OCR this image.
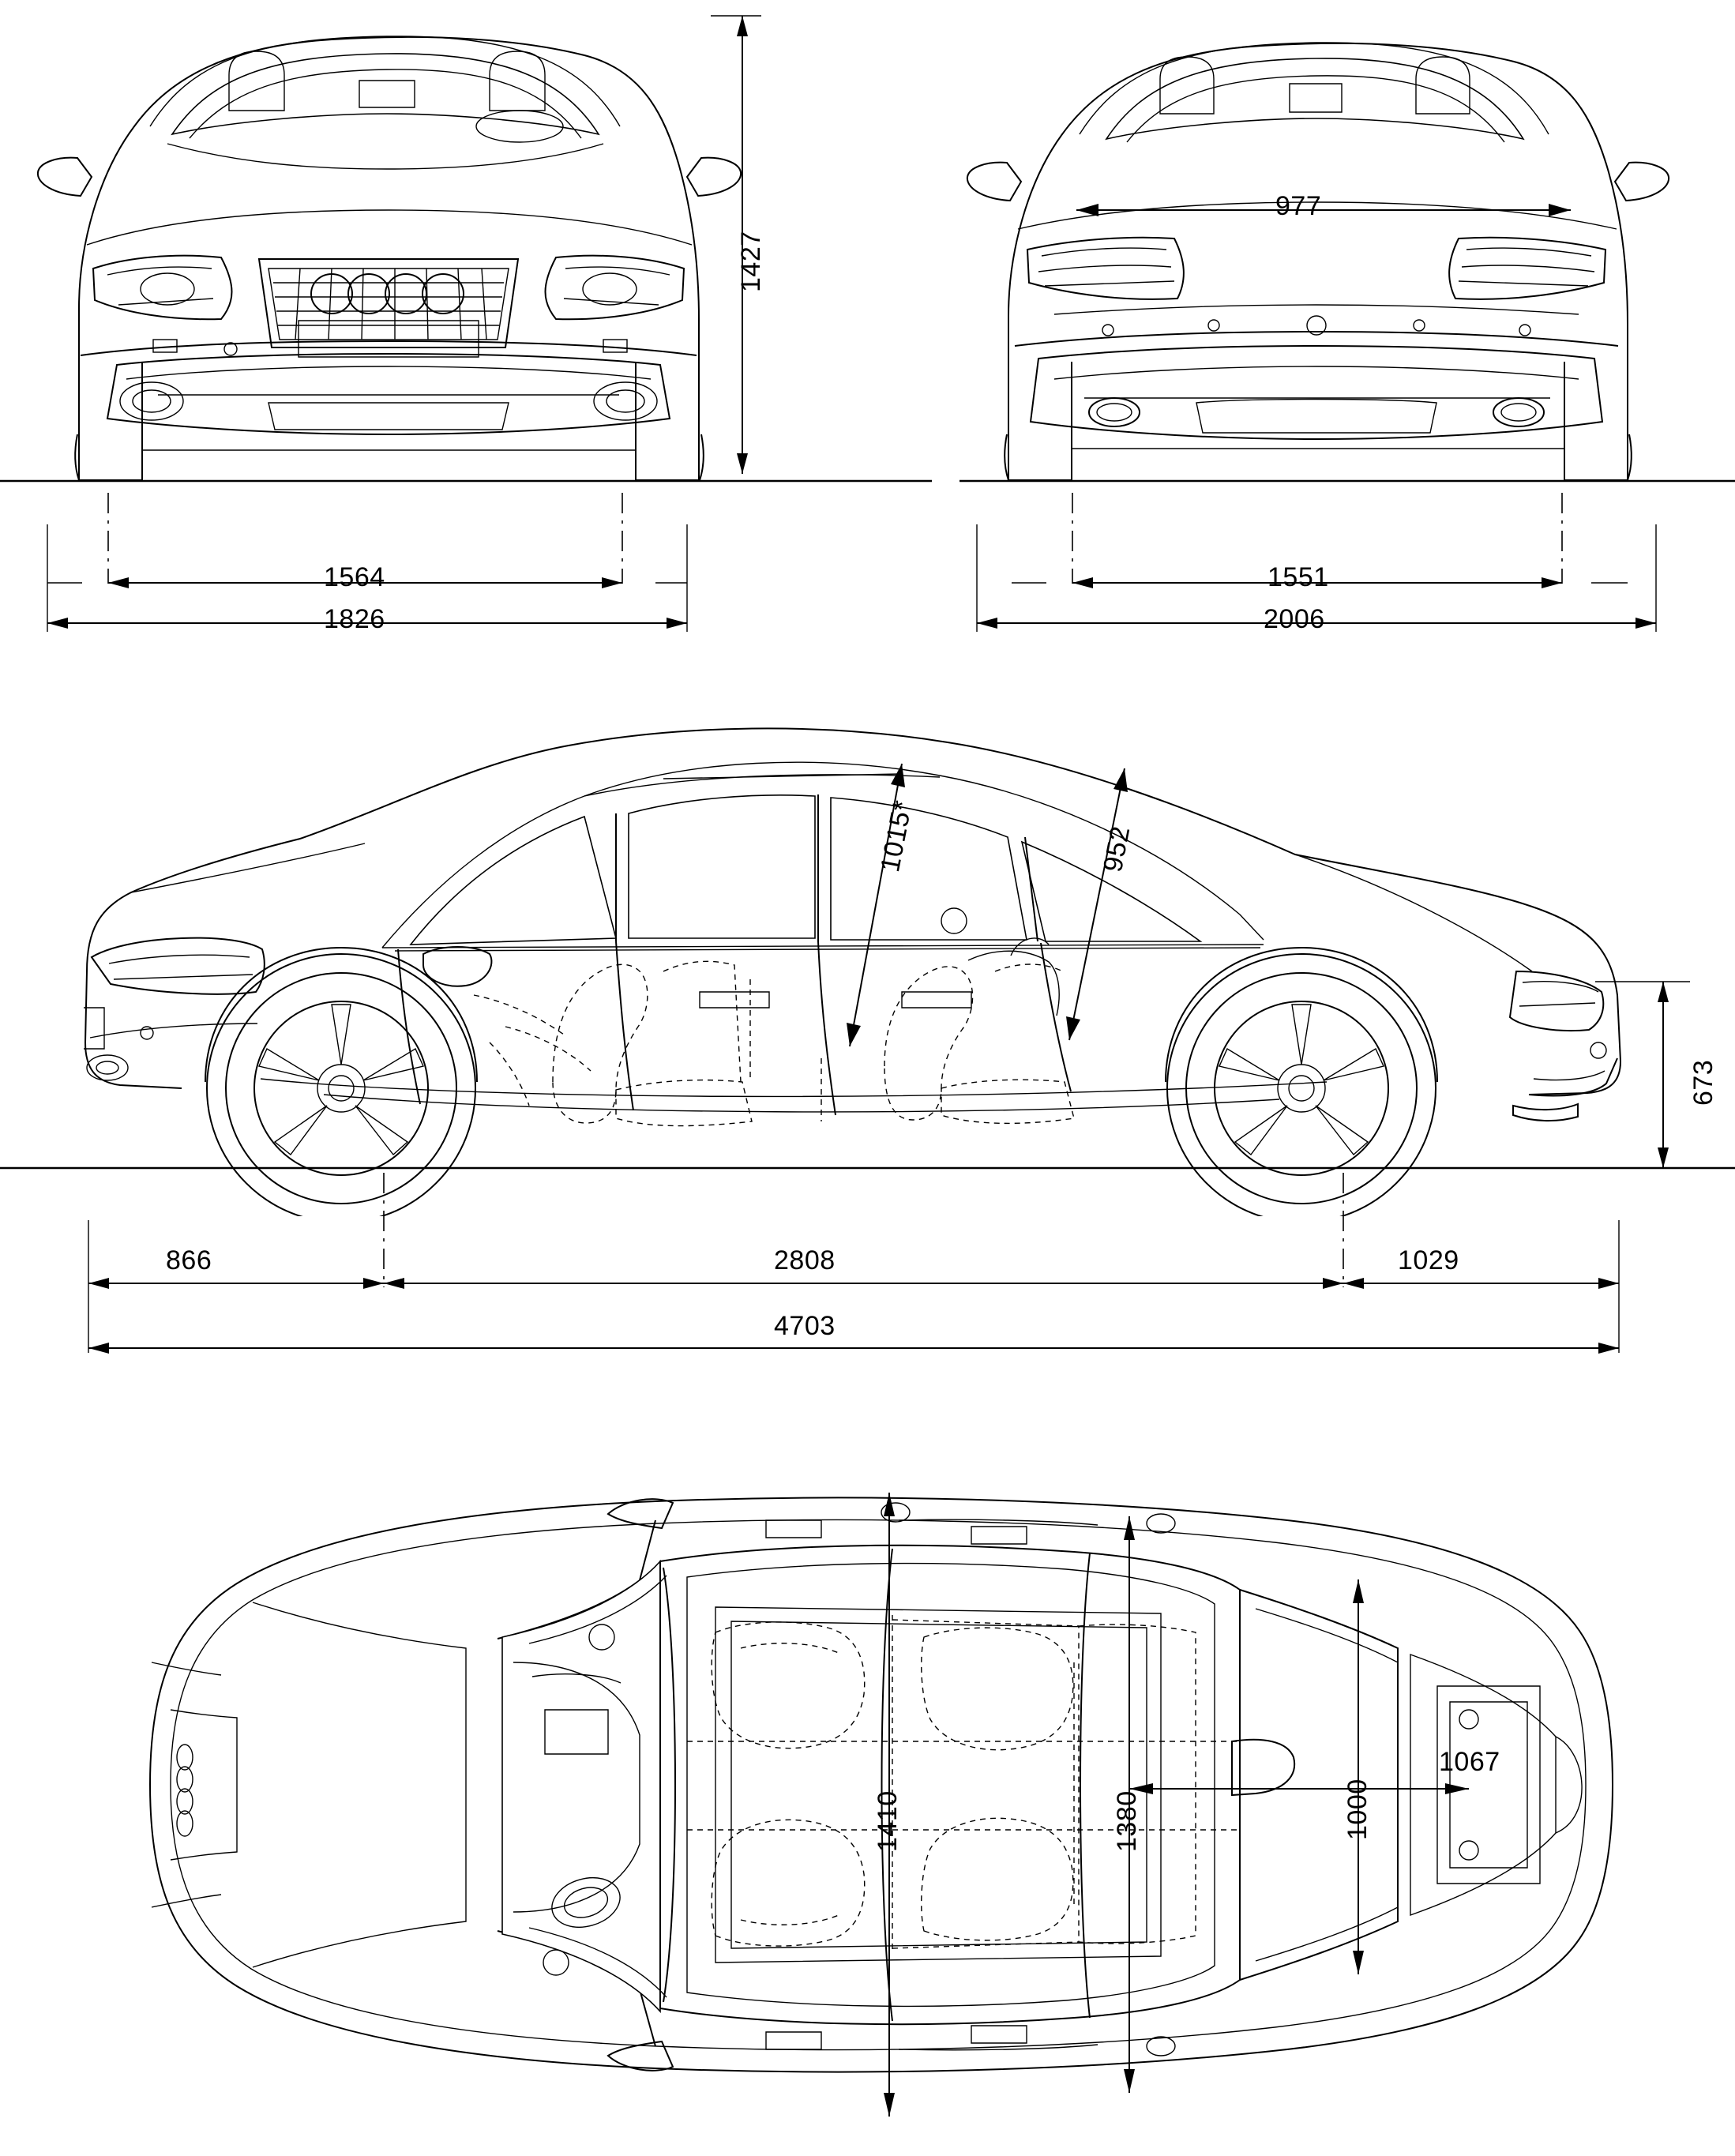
1427
1564
1826
977
1551
2006
1015*	952
673
866	2808	1029
4703
1410	1380	1000
1067
